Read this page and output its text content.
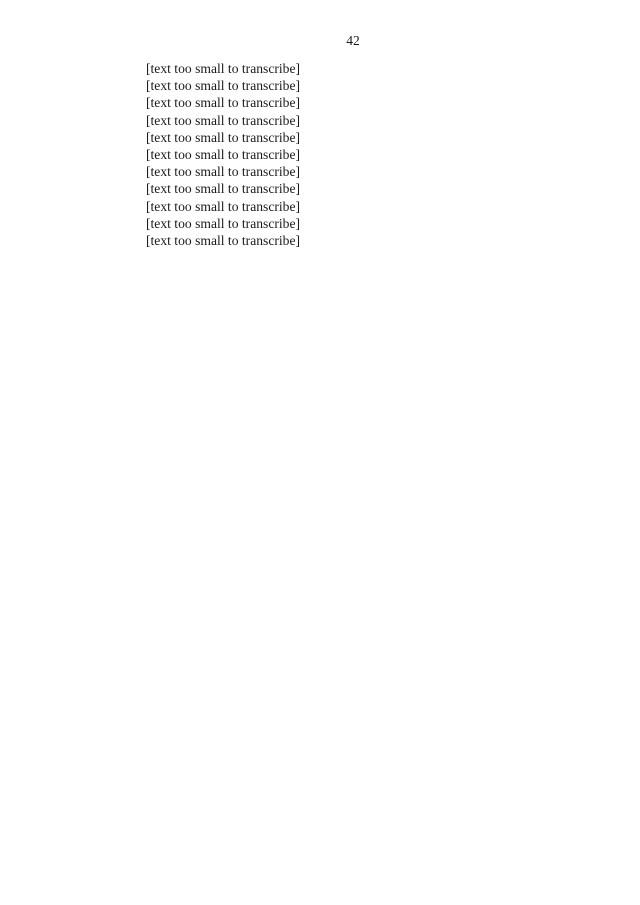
42

[text too small to transcribe]

[text too small to transcribe]

[text too small to transcribe]

[text too small to transcribe]

[text too small to transcribe]

[text too small to transcribe]

[text too small to transcribe]

[text too small to transcribe]

[text too small to transcribe]

[text too small to transcribe]

[text too small to transcribe]
